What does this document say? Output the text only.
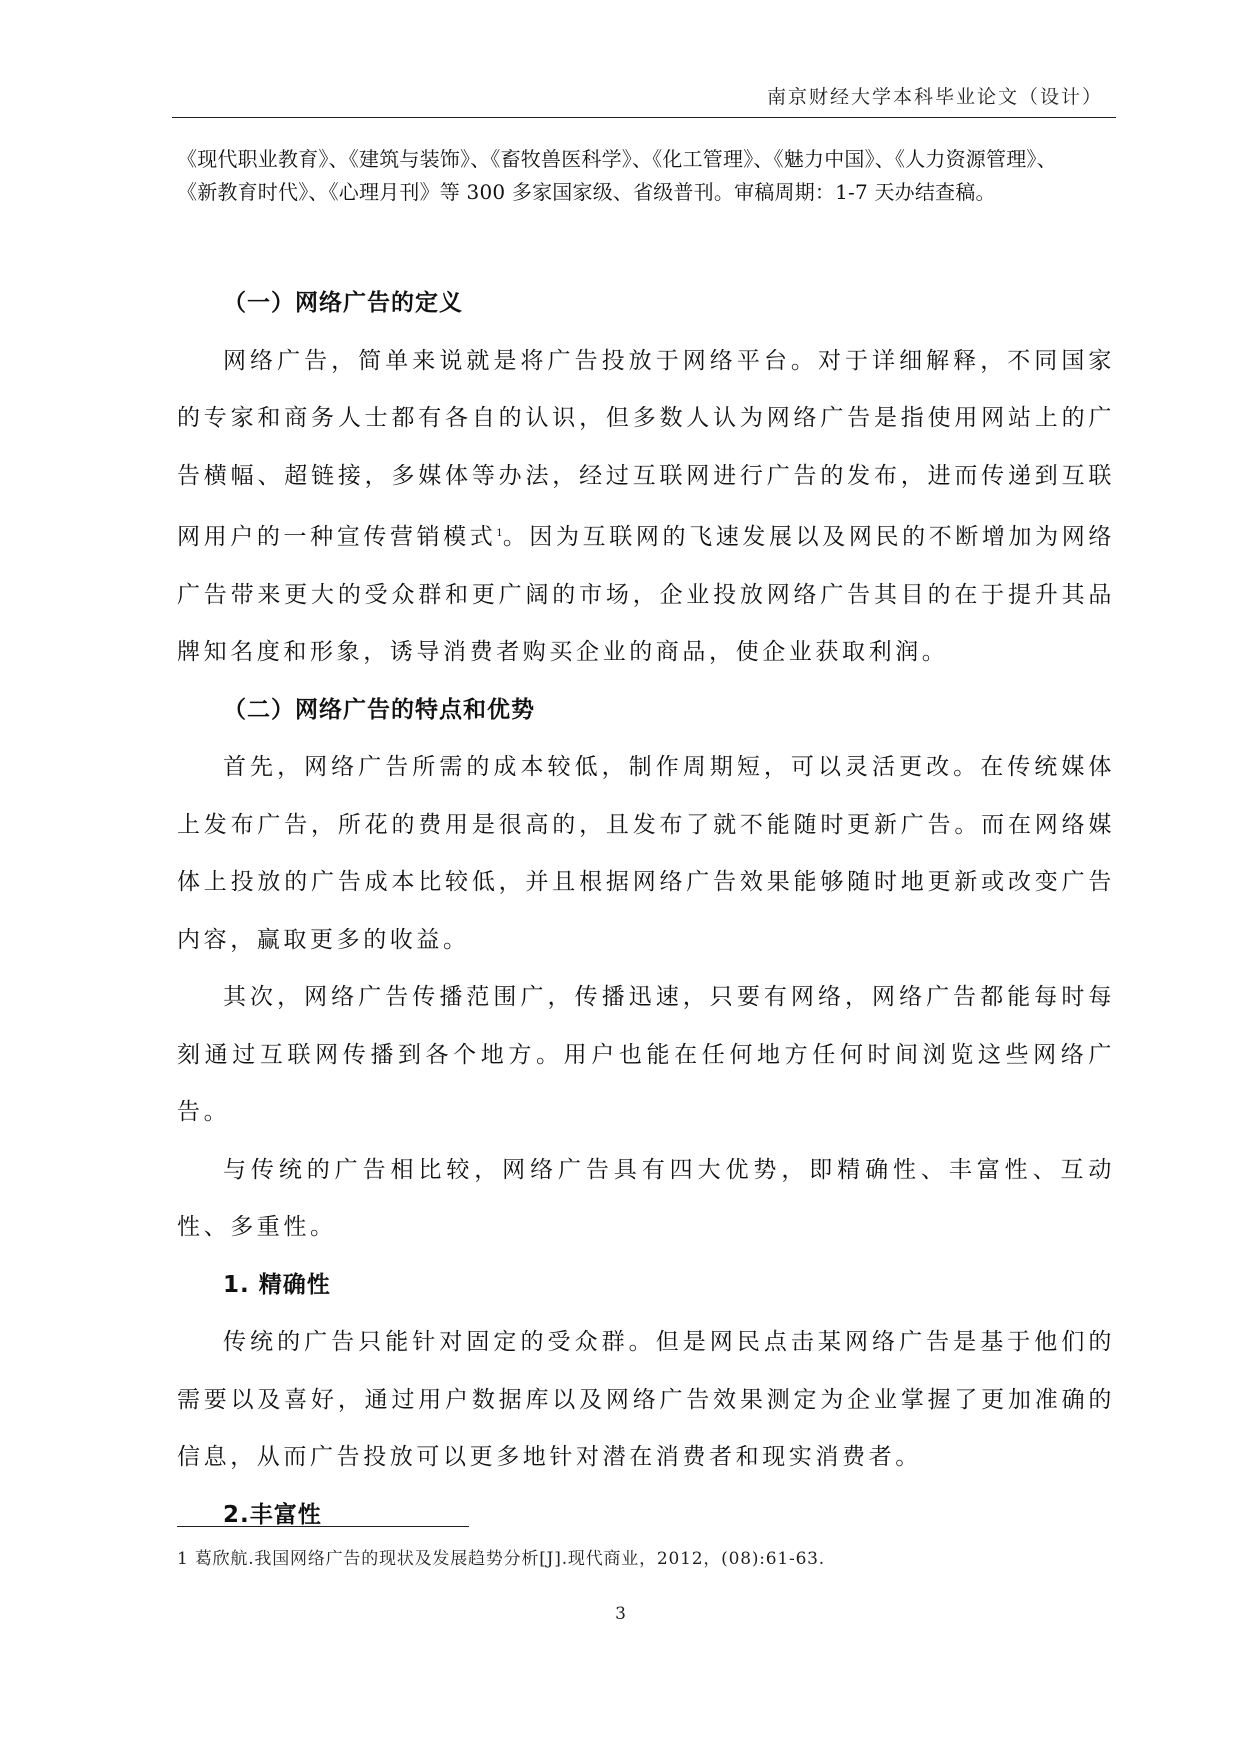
南京财经大学本科毕业论文（设计）
《现代职业教育》、《建筑与装饰》、《畜牧兽医科学》、《化工管理》、《魅力中国》、《人力资源管理》、
《新教育时代》、《心理月刊》等 300 多家国家级、省级普刊。审稿周期：1-7 天办结查稿。

（一）网络广告的定义

网络广告，简单来说就是将广告投放于网络平台。对于详细解释，不同国家的专家和商务人士都有各自的认识，但多数人认为网络广告是指使用网站上的广告横幅、超链接，多媒体等办法，经过互联网进行广告的发布，进而传递到互联网用户的一种宣传营销模式$^1$。因为互联网的飞速发展以及网民的不断增加为网络广告带来更大的受众群和更广阔的市场，企业投放网络广告其目的在于提升其品牌知名度和形象，诱导消费者购买企业的商品，使企业获取利润。

（二）网络广告的特点和优势

首先，网络广告所需的成本较低，制作周期短，可以灵活更改。在传统媒体上发布广告，所花的费用是很高的，且发布了就不能随时更新广告。而在网络媒体上投放的广告成本比较低，并且根据网络广告效果能够随时地更新或改变广告内容，赢取更多的收益。

其次，网络广告传播范围广，传播迅速，只要有网络，网络广告都能每时每刻通过互联网传播到各个地方。用户也能在任何地方任何时间浏览这些网络广告。

与传统的广告相比较，网络广告具有四大优势，即精确性、丰富性、互动性、多重性。

1. 精确性

传统的广告只能针对固定的受众群。但是网民点击某网络广告是基于他们的需要以及喜好，通过用户数据库以及网络广告效果测定为企业掌握了更加准确的信息，从而广告投放可以更多地针对潜在消费者和现实消费者。

2.丰富性

1 葛欣航.我国网络广告的现状及发展趋势分析[J].现代商业，2012，(08):61-63.
3
